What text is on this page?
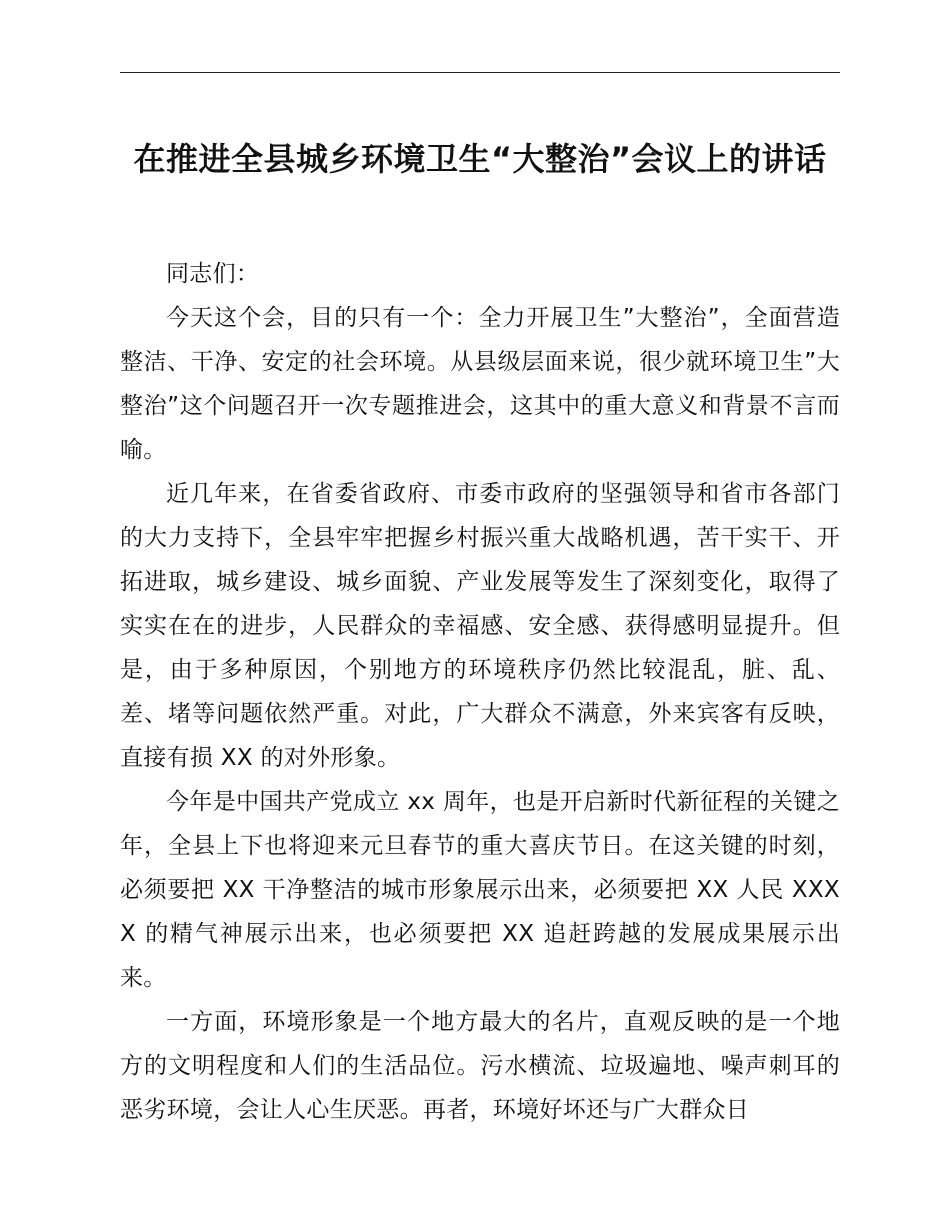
在推进全县城乡环境卫生“大整治”会议上的讲话

同志们：

今天这个会，目的只有一个：全力开展卫生”大整治”，全面营造整洁、干净、安定的社会环境。从县级层面来说，很少就环境卫生”大整治”这个问题召开一次专题推进会，这其中的重大意义和背景不言而喻。

近几年来，在省委省政府、市委市政府的坚强领导和省市各部门的大力支持下，全县牢牢把握乡村振兴重大战略机遇，苦干实干、开拓进取，城乡建设、城乡面貌、产业发展等发生了深刻变化，取得了实实在在的进步，人民群众的幸福感、安全感、获得感明显提升。但是，由于多种原因，个别地方的环境秩序仍然比较混乱，脏、乱、差、堵等问题依然严重。对此，广大群众不满意，外来宾客有反映，直接有损 XX 的对外形象。

今年是中国共产党成立 xx 周年，也是开启新时代新征程的关键之年，全县上下也将迎来元旦春节的重大喜庆节日。在这关键的时刻，必须要把 XX 干净整洁的城市形象展示出来，必须要把 XX 人民 XXXX 的精气神展示出来，也必须要把 XX 追赶跨越的发展成果展示出来。

一方面，环境形象是一个地方最大的名片，直观反映的是一个地方的文明程度和人们的生活品位。污水横流、垃圾遍地、噪声刺耳的恶劣环境，会让人心生厌恶。再者，环境好坏还与广大群众日
